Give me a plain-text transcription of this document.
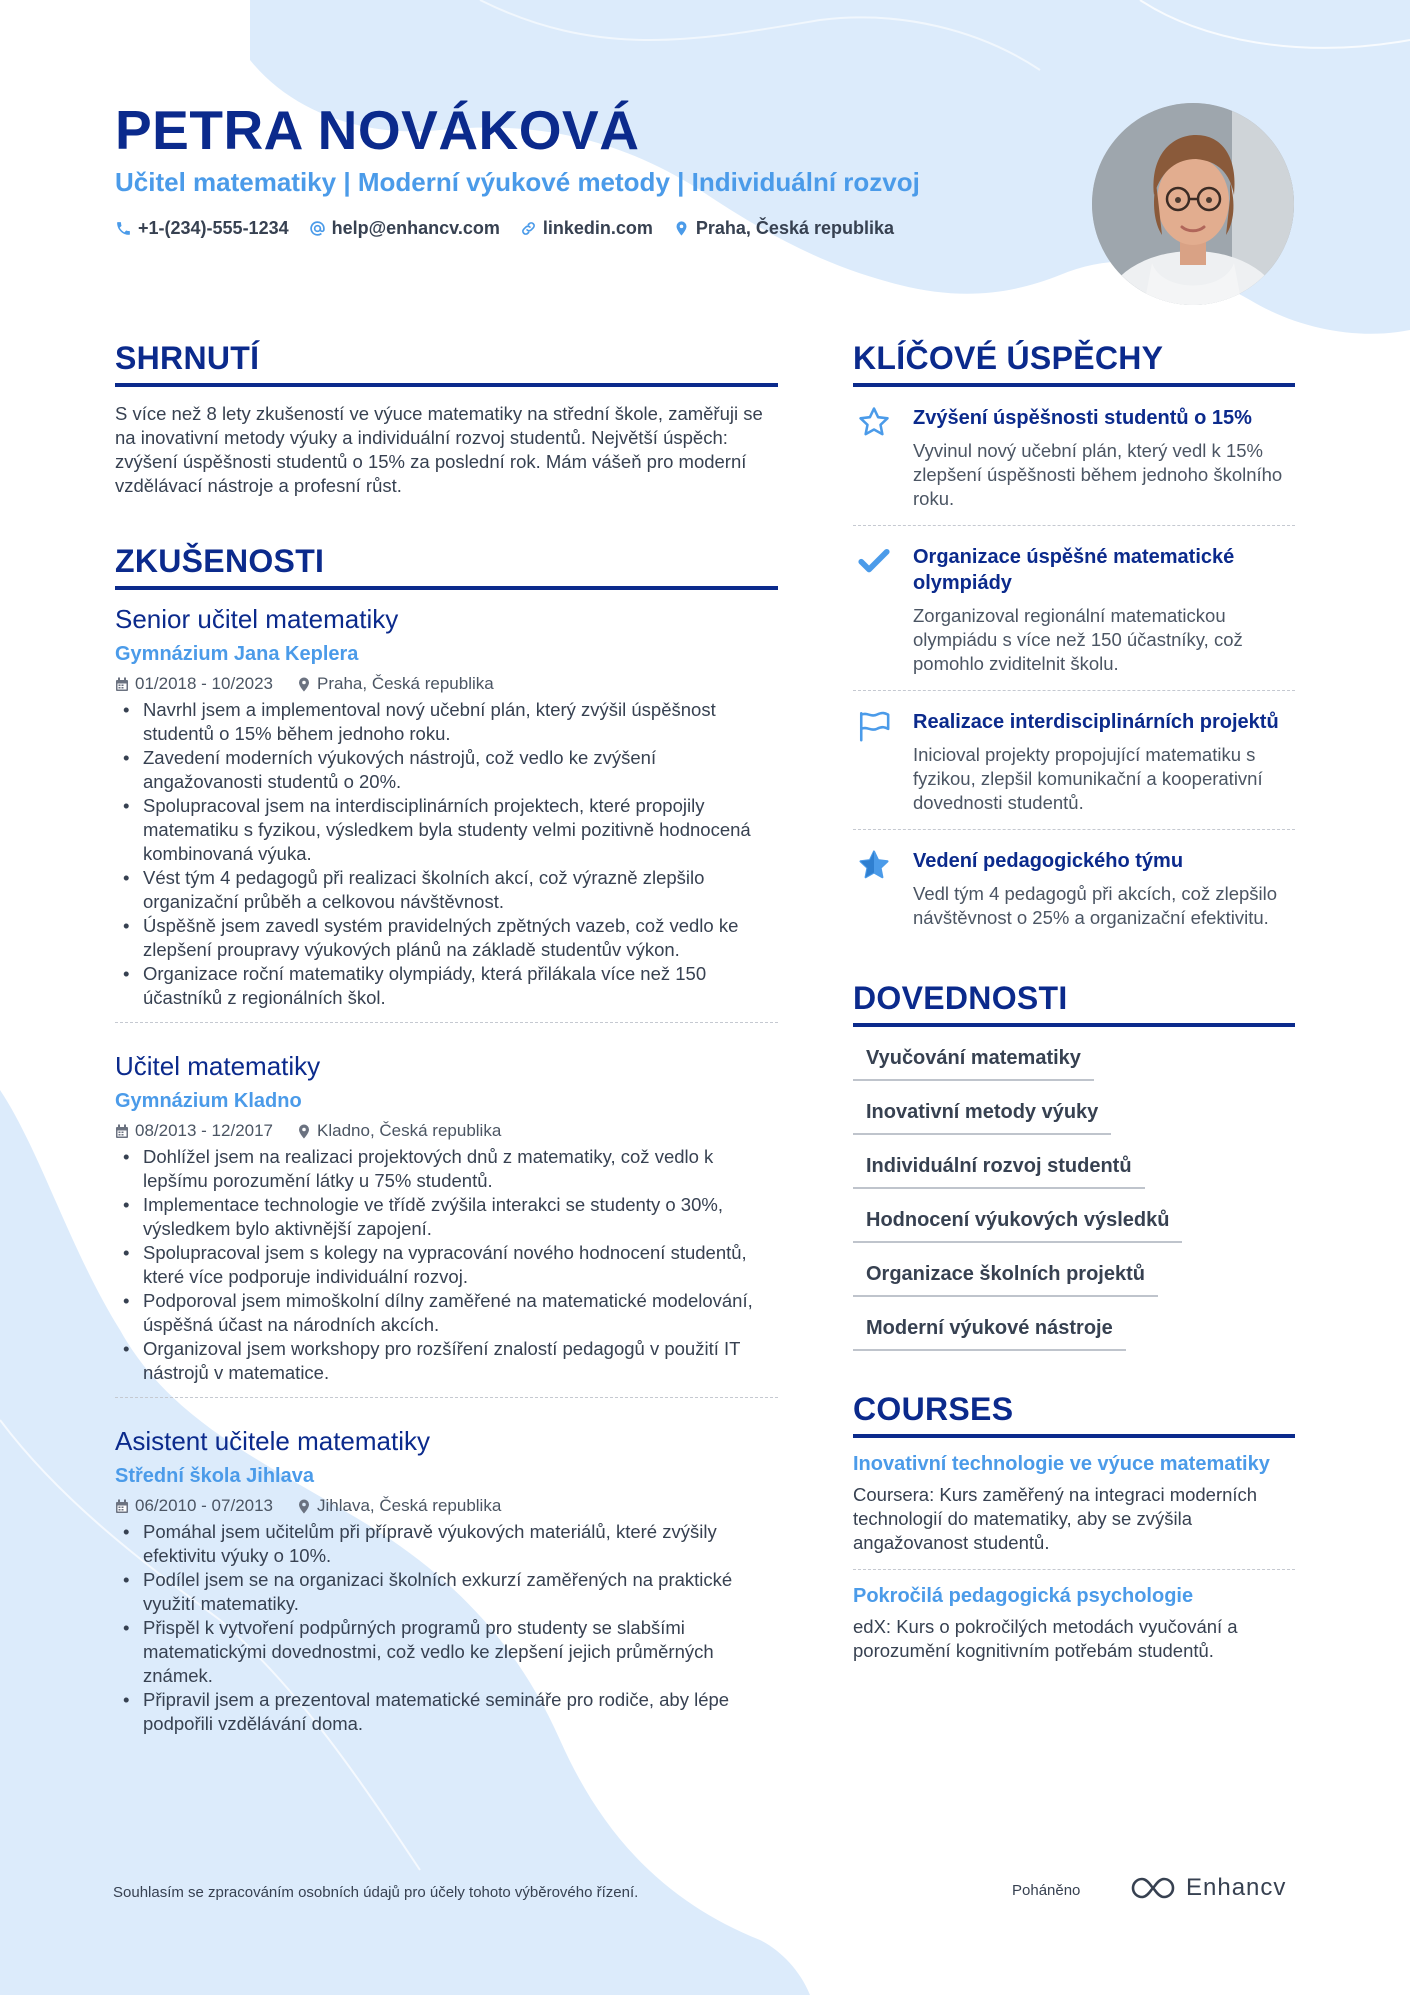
PETRA NOVÁKOVÁ
Učitel matematiky | Moderní výukové metody | Individuální rozvoj
+1-(234)-555-1234 help@enhancv.com linkedin.com Praha, Česká republika
SHRNUTÍ

S více než 8 lety zkušeností ve výuce matematiky na střední škole, zaměřuji se na inovativní metody výuky a individuální rozvoj studentů. Největší úspěch: zvýšení úspěšnosti studentů o 15% za poslední rok. Mám vášeň pro moderní vzdělávací nástroje a profesní růst.

ZKUŠENOSTI
Senior učitel matematiky
Gymnázium Jana Keplera
01/2018 - 10/2023	Praha, Česká republika
• Navrhl jsem a implementoval nový učební plán, který zvýšil úspěšnost studentů o 15% během jednoho roku.
• Zavedení moderních výukových nástrojů, což vedlo ke zvýšení angažovanosti studentů o 20%.
• Spolupracoval jsem na interdisciplinárních projektech, které propojily matematiku s fyzikou, výsledkem byla studenty velmi pozitivně hodnocená kombinovaná výuka.
• Vést tým 4 pedagogů při realizaci školních akcí, což výrazně zlepšilo organizační průběh a celkovou návštěvnost.
• Úspěšně jsem zavedl systém pravidelných zpětných vazeb, což vedlo ke zlepšení proupravy výukových plánů na základě studentův výkon.
• Organizace roční matematiky olympiády, která přilákala více než 150 účastníků z regionálních škol.
Učitel matematiky
Gymnázium Kladno
08/2013 - 12/2017	Kladno, Česká republika
• Dohlížel jsem na realizaci projektových dnů z matematiky, což vedlo k lepšímu porozumění látky u 75% studentů.
• Implementace technologie ve třídě zvýšila interakci se studenty o 30%, výsledkem bylo aktivnější zapojení.
• Spolupracoval jsem s kolegy na vypracování nového hodnocení studentů, které více podporuje individuální rozvoj.
• Podporoval jsem mimoškolní dílny zaměřené na matematické modelování, úspěšná účast na národních akcích.
• Organizoval jsem workshopy pro rozšíření znalostí pedagogů v použití IT nástrojů v matematice.
Asistent učitele matematiky
Střední škola Jihlava
06/2010 - 07/2013	Jihlava, Česká republika
• Pomáhal jsem učitelům při přípravě výukových materiálů, které zvýšily efektivitu výuky o 10%.
• Podílel jsem se na organizaci školních exkurzí zaměřených na praktické využití matematiky.
• Přispěl k vytvoření podpůrných programů pro studenty se slabšími matematickými dovednostmi, což vedlo ke zlepšení jejich průměrných známek.
• Připravil jsem a prezentoval matematické semináře pro rodiče, aby lépe podpořili vzdělávání doma.
KLÍČOVÉ ÚSPĚCHY
Zvýšení úspěšnosti studentů o 15%
Vyvinul nový učební plán, který vedl k 15% zlepšení úspěšnosti během jednoho školního roku.
Organizace úspěšné matematické olympiády
Zorganizoval regionální matematickou olympiádu s více než 150 účastníky, což pomohlo zviditelnit školu.
Realizace interdisciplinárních projektů
Inicioval projekty propojující matematiku s fyzikou, zlepšil komunikační a kooperativní dovednosti studentů.
Vedení pedagogického týmu
Vedl tým 4 pedagogů při akcích, což zlepšilo návštěvnost o 25% a organizační efektivitu.
DOVEDNOSTI
Vyučování matematiky
Inovativní metody výuky
Individuální rozvoj studentů
Hodnocení výukových výsledků
Organizace školních projektů
Moderní výukové nástroje
COURSES
Inovativní technologie ve výuce matematiky
Coursera: Kurs zaměřený na integraci moderních technologií do matematiky, aby se zvýšila angažovanost studentů.
Pokročilá pedagogická psychologie
edX: Kurs o pokročilých metodách vyučování a porozumění kognitivním potřebám studentů.
Souhlasím se zpracováním osobních údajů pro účely tohoto výběrového řízení.	Poháněno	Enhancv
